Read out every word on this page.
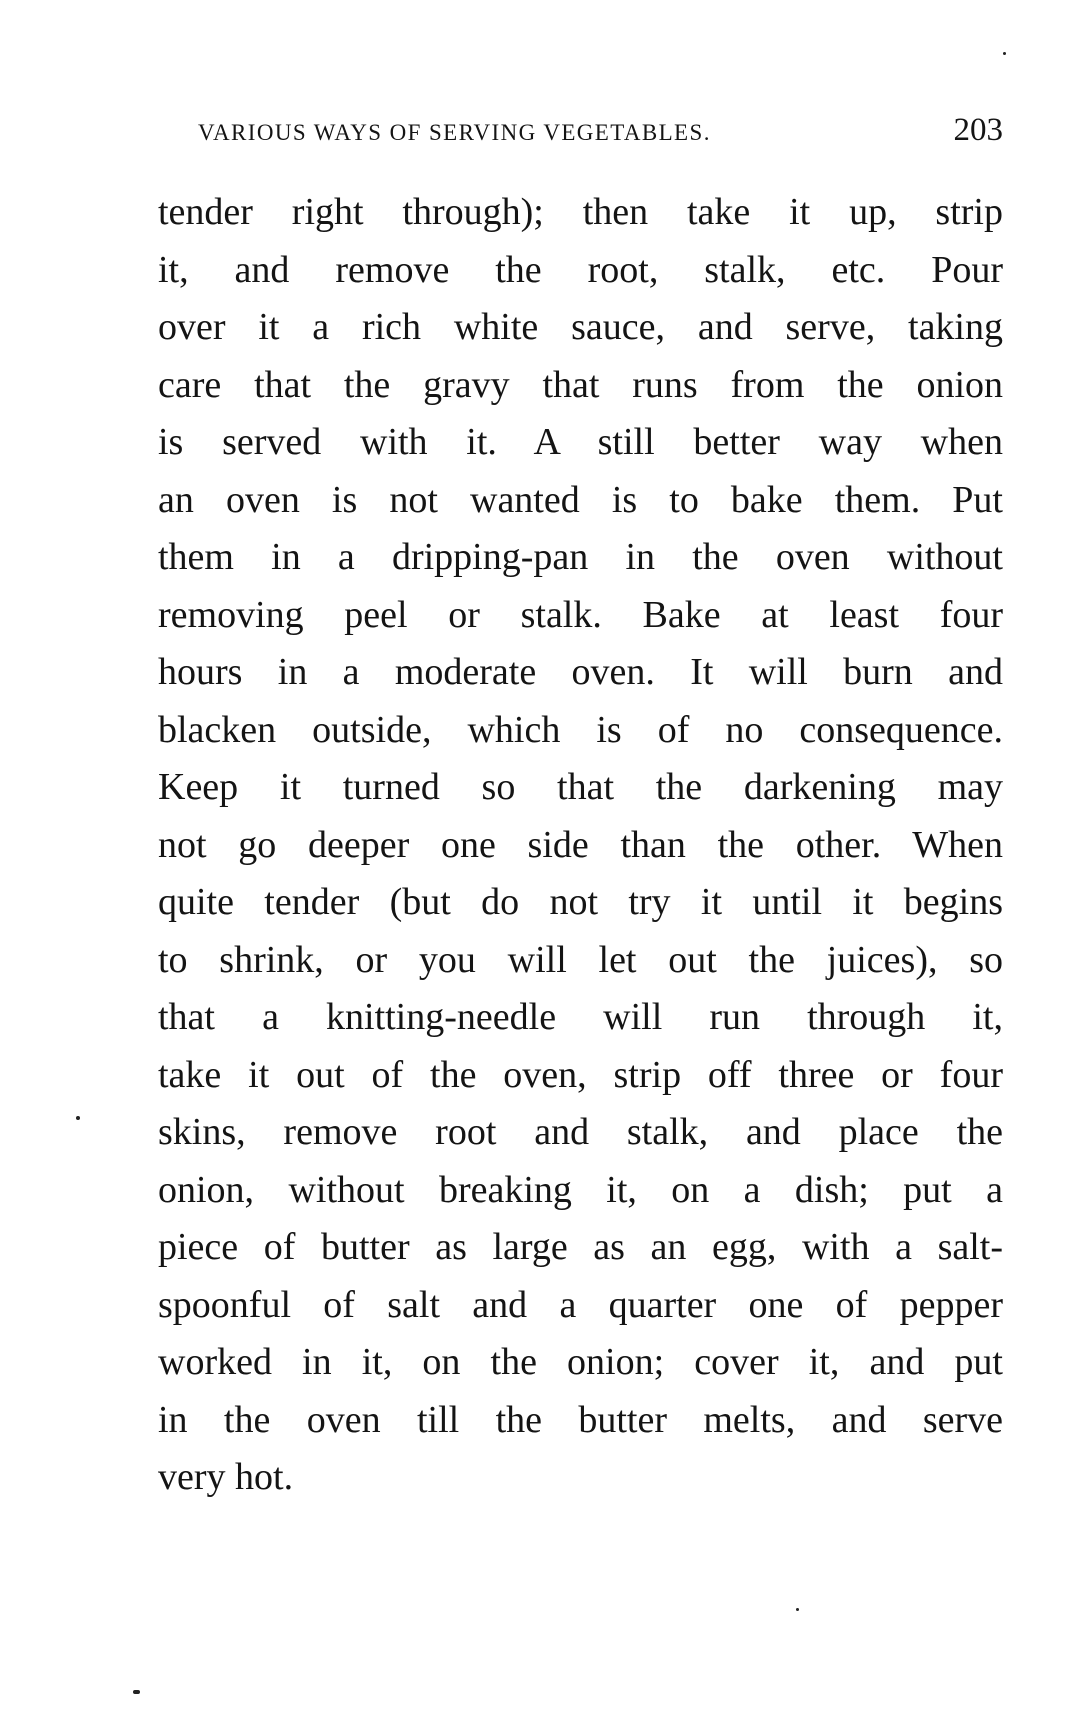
VARIOUS WAYS OF SERVING VEGETABLES.	203
tender right through); then take it up, strip
it, and remove the root, stalk, etc. Pour
over it a rich white sauce, and serve, taking
care that the gravy that runs from the onion
is served with it. A still better way when
an oven is not wanted is to bake them. Put
them in a dripping-pan in the oven without
removing peel or stalk. Bake at least four
hours in a moderate oven. It will burn and
blacken outside, which is of no consequence.
Keep it turned so that the darkening may
not go deeper one side than the other. When
quite tender (but do not try it until it begins
to shrink, or you will let out the juices), so
that a knitting-needle will run through it,
take it out of the oven, strip off three or four
skins, remove root and stalk, and place the
onion, without breaking it, on a dish; put a
piece of butter as large as an egg, with a salt-
spoonful of salt and a quarter one of pepper
worked in it, on the onion; cover it, and put
in the oven till the butter melts, and serve
very hot.
